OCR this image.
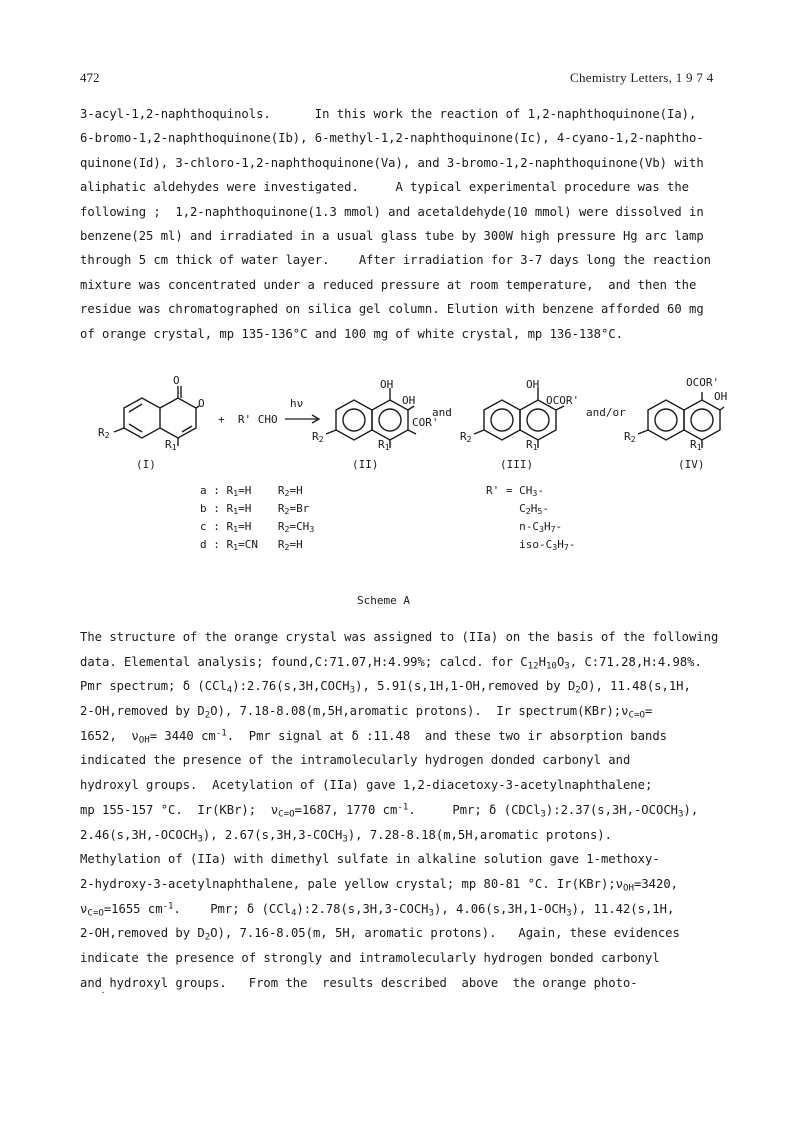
472	Chemistry Letters, 1 9 7 4
3-acyl-1,2-naphthoquinols.      In this work the reaction of 1,2-naphthoquinone(Ia),
6-bromo-1,2-naphthoquinone(Ib), 6-methyl-1,2-naphthoquinone(Ic), 4-cyano-1,2-naphtho-
quinone(Id), 3-chloro-1,2-naphthoquinone(Va), and 3-bromo-1,2-naphthoquinone(Vb) with
aliphatic aldehydes were investigated.     A typical experimental procedure was the
following ;  1,2-naphthoquinone(1.3 mmol) and acetaldehyde(10 mmol) were dissolved in
benzene(25 ml) and irradiated in a usual glass tube by 300W high pressure Hg arc lamp
through 5 cm thick of water layer.    After irradiation for 3-7 days long the reaction
mixture was concentrated under a reduced pressure at room temperature,  and then the
residue was chromatographed on silica gel column. Elution with benzene afforded 60 mg
of orange crystal, mp 135-136°C and 100 mg of white crystal, mp 136-138°C.
O
O
$R_2$
$R_1$
(I)
+  R' CHO
hν
OH
OH
COR'
$R_2$	$R_1$
(II)
and
OH
OCOR'
$R_2$	$R_1$
(III)
and/or
OCOR'
OH
$R_2$	$R_1$
(IV)
a : $R_1=H$    $R_2=H$
b : $R_1=H$    $R_2=Br$
c : $R_1=H$    $R_2=CH_3$
d : $R_1=CN$   $R_2=H$
$R' = CH_3-$
$C_2H_5-$
$n-C_3H_7-$
iso-$C_3H_7-$
Scheme A
The structure of the orange crystal was assigned to (IIa) on the basis of the following
data. Elemental analysis; found,C:71.07,H:4.99%; calcd. for $C_{12}H_{10}O_3$, C:71.28,H:4.98%.
Pmr spectrum; δ $(CCl_4):2.76(s,3H,COCH_3)$, 5.91(s,1H,1-OH,removed by $D_2O$), 11.48(s,1H,
2-OH,removed by $D_2O$), 7.18-8.08(m,5H,aromatic protons).  Ir $spectrum(KBr);\nu_{C=O}=$
1652,  $\nu_{OH}= 3440$ $cm^{-1}$.  Pmr signal at δ :11.48  and these two ir absorption bands
indicated the presence of the intramolecularly hydrogen donded carbonyl and
hydroxyl groups.  Acetylation of (IIa) gave 1,2-diacetoxy-3-acetylnaphthalene;
mp 155-157 °C.  Ir(KBr);  $\nu_{C=O}=1687$, 1770 $cm^{-1}$.     Pmr; δ $(CDCl_3):2.37(s,3H,-OCOCH_3)$,
$2.46(s,3H,-OCOCH_3)$, $2.67(s,3H,3-COCH_3)$, 7.28-8.18(m,5H,aromatic protons).
Methylation of (IIa) with dimethyl sulfate in alkaline solution gave 1-methoxy-
2-hydroxy-3-acetylnaphthalene, pale yellow crystal; mp 80-81 °C. $Ir(KBr);\nu_{OH}=3420$,
$\nu_{C=O}=1655$ $cm^{-1}$.    Pmr; δ $(CCl_4):2.78(s,3H,3-COCH_3)$, $4.06(s,3H,1-OCH_3)$, 11.42(s,1H,
2-OH,removed by $D_2O$), 7.16-8.05(m, 5H, aromatic protons).   Again, these evidences
indicate the presence of strongly and intramolecularly hydrogen bonded carbonyl
and hydroxyl groups.   From the  results described  above  the orange photo-
